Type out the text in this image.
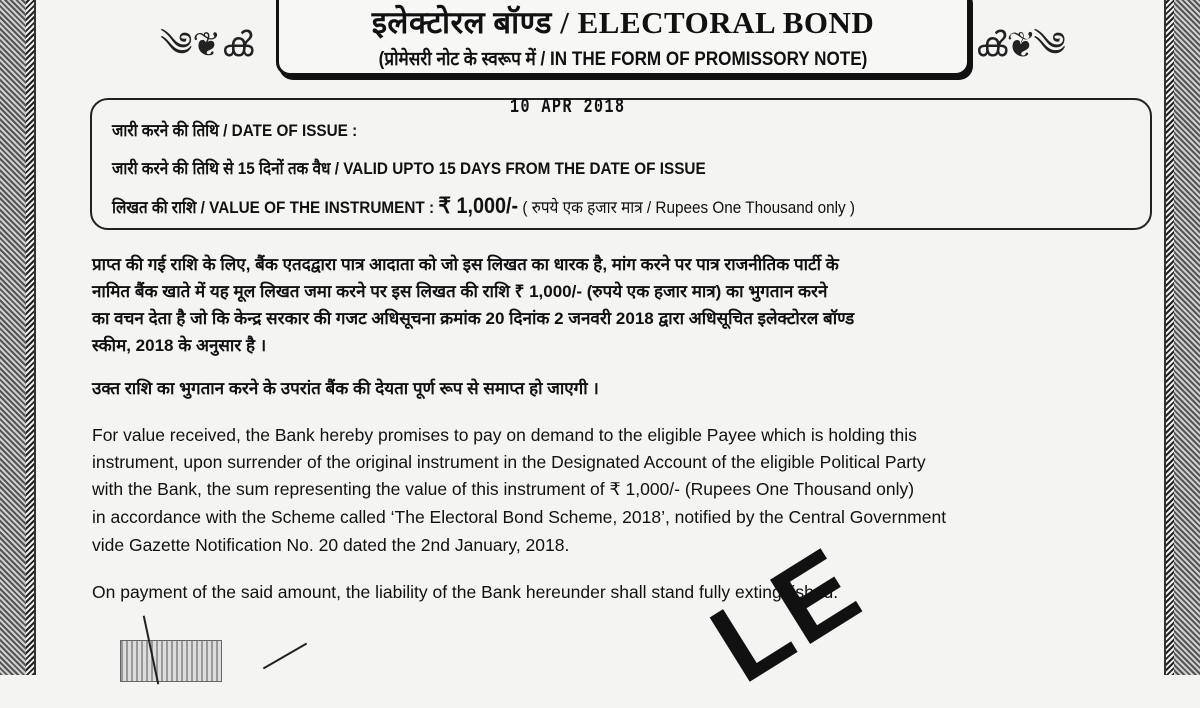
༄❦ൿ	ൿ❦༄
इलेक्टोरल बॉण्ड / ELECTORAL BOND
(प्रोमेसरी नोट के स्वरूप में / IN THE FORM OF PROMISSORY NOTE)
10 APR 2018
जारी करने की तिथि / DATE OF ISSUE :
जारी करने की तिथि से 15 दिनों तक वैध / VALID UPTO 15 DAYS FROM THE DATE OF ISSUE
लिखत की राशि / VALUE OF THE INSTRUMENT : ₹ 1,000/- ( रुपये एक हजार मात्र / Rupees One Thousand only )
प्राप्त की गई राशि के लिए, बैंक एतदद्वारा पात्र आदाता को जो इस लिखत का धारक है, मांग करने पर पात्र राजनीतिक पार्टी के
नामित बैंक खाते में यह मूल लिखत जमा करने पर इस लिखत की राशि ₹ 1,000/- (रुपये एक हजार मात्र) का भुगतान करने
का वचन देता है जो कि केन्द्र सरकार की गजट अधिसूचना क्रमांक 20 दिनांक 2 जनवरी 2018 द्वारा अधिसूचित इलेक्टोरल बॉण्ड
स्कीम, 2018 के अनुसार है ।
उक्त राशि का भुगतान करने के उपरांत बैंक की देयता पूर्ण रूप से समाप्त हो जाएगी ।
For value received, the Bank hereby promises to pay on demand to the eligible Payee which is holding this
instrument, upon surrender of the original instrument in the Designated Account of the eligible Political Party
with the Bank, the sum representing the value of this instrument of ₹ 1,000/- (Rupees One Thousand only)
in accordance with the Scheme called ‘The Electoral Bond Scheme, 2018’, notified by the Central Government
vide Gazette Notification No. 20 dated the 2nd January, 2018.
On payment of the said amount, the liability of the Bank hereunder shall stand fully extinguished.
LE
